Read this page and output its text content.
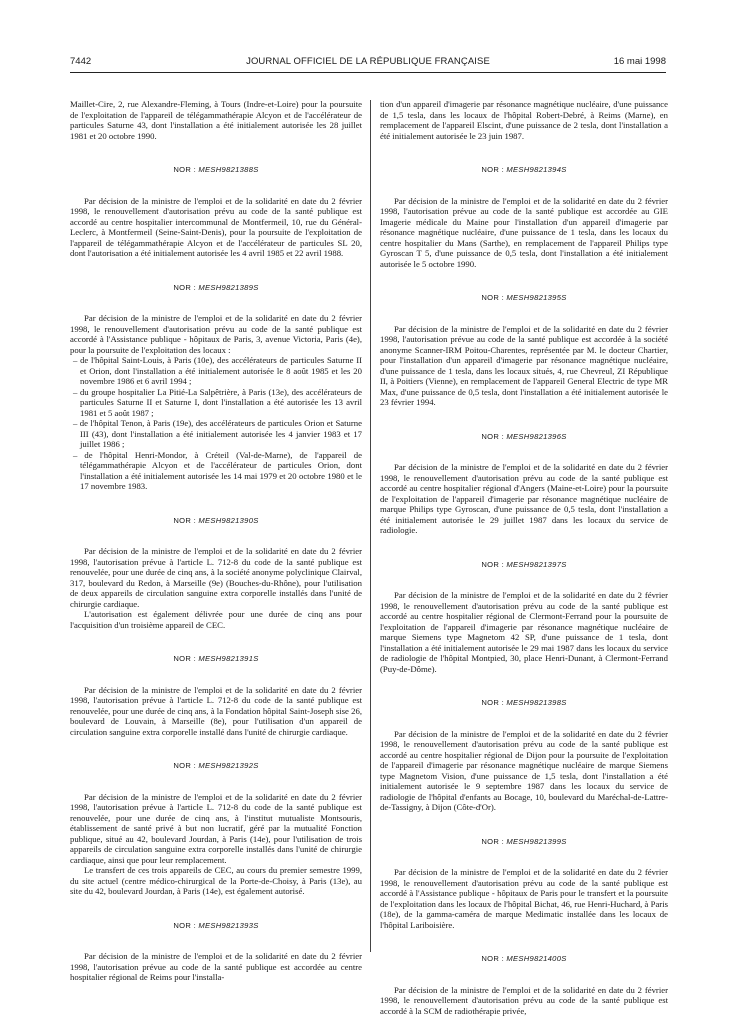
7442	JOURNAL OFFICIEL DE LA RÉPUBLIQUE FRANÇAISE	16 mai 1998

Maillet-Cire, 2, rue Alexandre-Fleming, à Tours (Indre-et-Loire) pour la poursuite de l'exploitation de l'appareil de télégammathérapie Alcyon et de l'accélérateur de particules Saturne 43, dont l'installation a été initialement autorisée les 28 juillet 1981 et 20 octobre 1990.

NOR : MESH9821388S

Par décision de la ministre de l'emploi et de la solidarité en date du 2 février 1998, le renouvellement d'autorisation prévu au code de la santé publique est accordé au centre hospitalier intercommunal de Montfermeil, 10, rue du Général-Leclerc, à Montfermeil (Seine-Saint-Denis), pour la poursuite de l'exploitation de l'appareil de télégammathérapie Alcyon et de l'accélérateur de particules SL 20, dont l'autorisation a été initialement autorisée les 4 avril 1985 et 22 avril 1988.

NOR : MESH9821389S

Par décision de la ministre de l'emploi et de la solidarité en date du 2 février 1998, le renouvellement d'autorisation prévu au code de la santé publique est accordé à l'Assistance publique - hôpitaux de Paris, 3, avenue Victoria, Paris (4e), pour la poursuite de l'exploitation des locaux :

– de l'hôpital Saint-Louis, à Paris (10e), des accélérateurs de particules Saturne II et Orion, dont l'installation a été initialement autorisée le 8 août 1985 et les 20 novembre 1986 et 6 avril 1994 ;
– du groupe hospitalier La Pitié-La Salpêtrière, à Paris (13e), des accélérateurs de particules Saturne II et Saturne I, dont l'installation a été autorisée les 13 avril 1981 et 5 août 1987 ;
– de l'hôpital Tenon, à Paris (19e), des accélérateurs de particules Orion et Saturne III (43), dont l'installation a été initialement autorisée les 4 janvier 1983 et 17 juillet 1986 ;
– de l'hôpital Henri-Mondor, à Créteil (Val-de-Marne), de l'appareil de télégammathérapie Alcyon et de l'accélérateur de particules Orion, dont l'installation a été initialement autorisée les 14 mai 1979 et 20 octobre 1980 et le 17 novembre 1983.

NOR : MESH9821390S

Par décision de la ministre de l'emploi et de la solidarité en date du 2 février 1998, l'autorisation prévue à l'article L. 712-8 du code de la santé publique est renouvelée, pour une durée de cinq ans, à la société anonyme polyclinique Clairval, 317, boulevard du Redon, à Marseille (9e) (Bouches-du-Rhône), pour l'utilisation de deux appareils de circulation sanguine extra corporelle installés dans l'unité de chirurgie cardiaque.

L'autorisation est également délivrée pour une durée de cinq ans pour l'acquisition d'un troisième appareil de CEC.

NOR : MESH9821391S

Par décision de la ministre de l'emploi et de la solidarité en date du 2 février 1998, l'autorisation prévue à l'article L. 712-8 du code de la santé publique est renouvelée, pour une durée de cinq ans, à la Fondation hôpital Saint-Joseph sise 26, boulevard de Louvain, à Marseille (8e), pour l'utilisation d'un appareil de circulation sanguine extra corporelle installé dans l'unité de chirurgie cardiaque.

NOR : MESH9821392S

Par décision de la ministre de l'emploi et de la solidarité en date du 2 février 1998, l'autorisation prévue à l'article L. 712-8 du code de la santé publique est renouvelée, pour une durée de cinq ans, à l'institut mutualiste Montsouris, établissement de santé privé à but non lucratif, géré par la mutualité Fonction publique, situé au 42, boulevard Jourdan, à Paris (14e), pour l'utilisation de trois appareils de circulation sanguine extra corporelle installés dans l'unité de chirurgie cardiaque, ainsi que pour leur remplacement.

Le transfert de ces trois appareils de CEC, au cours du premier semestre 1999, du site actuel (centre médico-chirurgical de la Porte-de-Choisy, à Paris (13e), au site du 42, boulevard Jourdan, à Paris (14e), est également autorisé.

NOR : MESH9821393S

Par décision de la ministre de l'emploi et de la solidarité en date du 2 février 1998, l'autorisation prévue au code de la santé publique est accordée au centre hospitalier régional de Reims pour l'installa-

tion d'un appareil d'imagerie par résonance magnétique nucléaire, d'une puissance de 1,5 tesla, dans les locaux de l'hôpital Robert-Debré, à Reims (Marne), en remplacement de l'appareil Elscint, d'une puissance de 2 tesla, dont l'installation a été initialement autorisée le 23 juin 1987.

NOR : MESH9821394S

Par décision de la ministre de l'emploi et de la solidarité en date du 2 février 1998, l'autorisation prévue au code de la santé publique est accordée au GIE Imagerie médicale du Maine pour l'installation d'un appareil d'imagerie par résonance magnétique nucléaire, d'une puissance de 1 tesla, dans les locaux du centre hospitalier du Mans (Sarthe), en remplacement de l'appareil Philips type Gyroscan T 5, d'une puissance de 0,5 tesla, dont l'installation a été initialement autorisée le 5 octobre 1990.

NOR : MESH9821395S

Par décision de la ministre de l'emploi et de la solidarité en date du 2 février 1998, l'autorisation prévue au code de la santé publique est accordée à la société anonyme Scanner-IRM Poitou-Charentes, représentée par M. le docteur Chartier, pour l'installation d'un appareil d'imagerie par résonance magnétique nucléaire, d'une puissance de 1 tesla, dans les locaux situés, 4, rue Chevreul, ZI République II, à Poitiers (Vienne), en remplacement de l'appareil General Electric de type MR Max, d'une puissance de 0,5 tesla, dont l'installation a été initialement autorisée le 23 février 1994.

NOR : MESH9821396S

Par décision de la ministre de l'emploi et de la solidarité en date du 2 février 1998, le renouvellement d'autorisation prévu au code de la santé publique est accordé au centre hospitalier régional d'Angers (Maine-et-Loire) pour la poursuite de l'exploitation de l'appareil d'imagerie par résonance magnétique nucléaire de marque Philips type Gyroscan, d'une puissance de 0,5 tesla, dont l'installation a été initialement autorisée le 29 juillet 1987 dans les locaux du service de radiologie.

NOR : MESH9821397S

Par décision de la ministre de l'emploi et de la solidarité en date du 2 février 1998, le renouvellement d'autorisation prévu au code de la santé publique est accordé au centre hospitalier régional de Clermont-Ferrand pour la poursuite de l'exploitation de l'appareil d'imagerie par résonance magnétique nucléaire de marque Siemens type Magnetom 42 SP, d'une puissance de 1 tesla, dont l'installation a été initialement autorisée le 29 mai 1987 dans les locaux du service de radiologie de l'hôpital Montpied, 30, place Henri-Dunant, à Clermont-Ferrand (Puy-de-Dôme).

NOR : MESH9821398S

Par décision de la ministre de l'emploi et de la solidarité en date du 2 février 1998, le renouvellement d'autorisation prévu au code de la santé publique est accordé au centre hospitalier régional de Dijon pour la poursuite de l'exploitation de l'appareil d'imagerie par résonance magnétique nucléaire de marque Siemens type Magnetom Vision, d'une puissance de 1,5 tesla, dont l'installation a été initialement autorisée le 9 septembre 1987 dans les locaux du service de radiologie de l'hôpital d'enfants au Bocage, 10, boulevard du Maréchal-de-Lattre-de-Tassigny, à Dijon (Côte-d'Or).

NOR : MESH9821399S

Par décision de la ministre de l'emploi et de la solidarité en date du 2 février 1998, le renouvellement d'autorisation prévu au code de la santé publique est accordé à l'Assistance publique - hôpitaux de Paris pour le transfert et la poursuite de l'exploitation dans les locaux de l'hôpital Bichat, 46, rue Henri-Huchard, à Paris (18e), de la gamma-caméra de marque Medimatic installée dans les locaux de l'hôpital Lariboisière.

NOR : MESH9821400S

Par décision de la ministre de l'emploi et de la solidarité en date du 2 février 1998, le renouvellement d'autorisation prévu au code de la santé publique est accordé à la SCM de radiothérapie privée,
